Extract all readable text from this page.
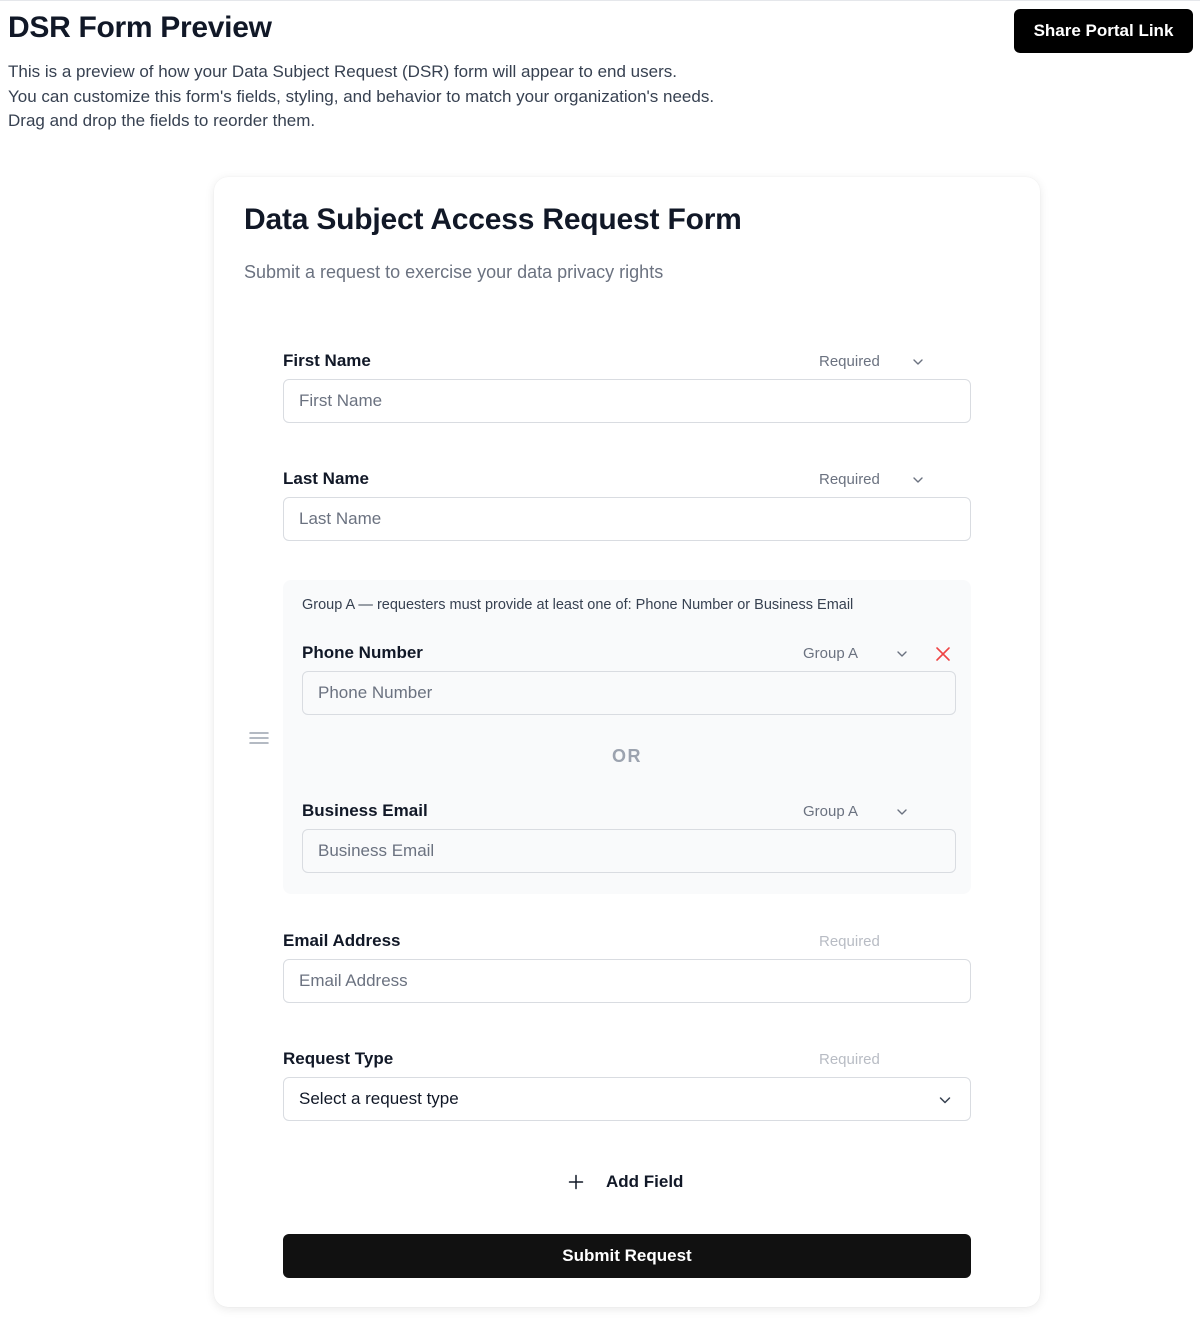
DSR Form Preview	Share Portal Link
This is a preview of how your Data Subject Request (DSR) form will appear to end users.
You can customize this form's fields, styling, and behavior to match your organization's needs.
Drag and drop the fields to reorder them.
Data Subject Access Request Form
Submit a request to exercise your data privacy rights
First Name	Required
First Name
Last Name	Required
Last Name
Group A — requesters must provide at least one of: Phone Number or Business Email
Phone Number	Group A
Phone Number
OR
Business Email	Group A
Business Email
Email Address	Required
Email Address
Request Type	Required
Select a request type
Add Field
Submit Request
